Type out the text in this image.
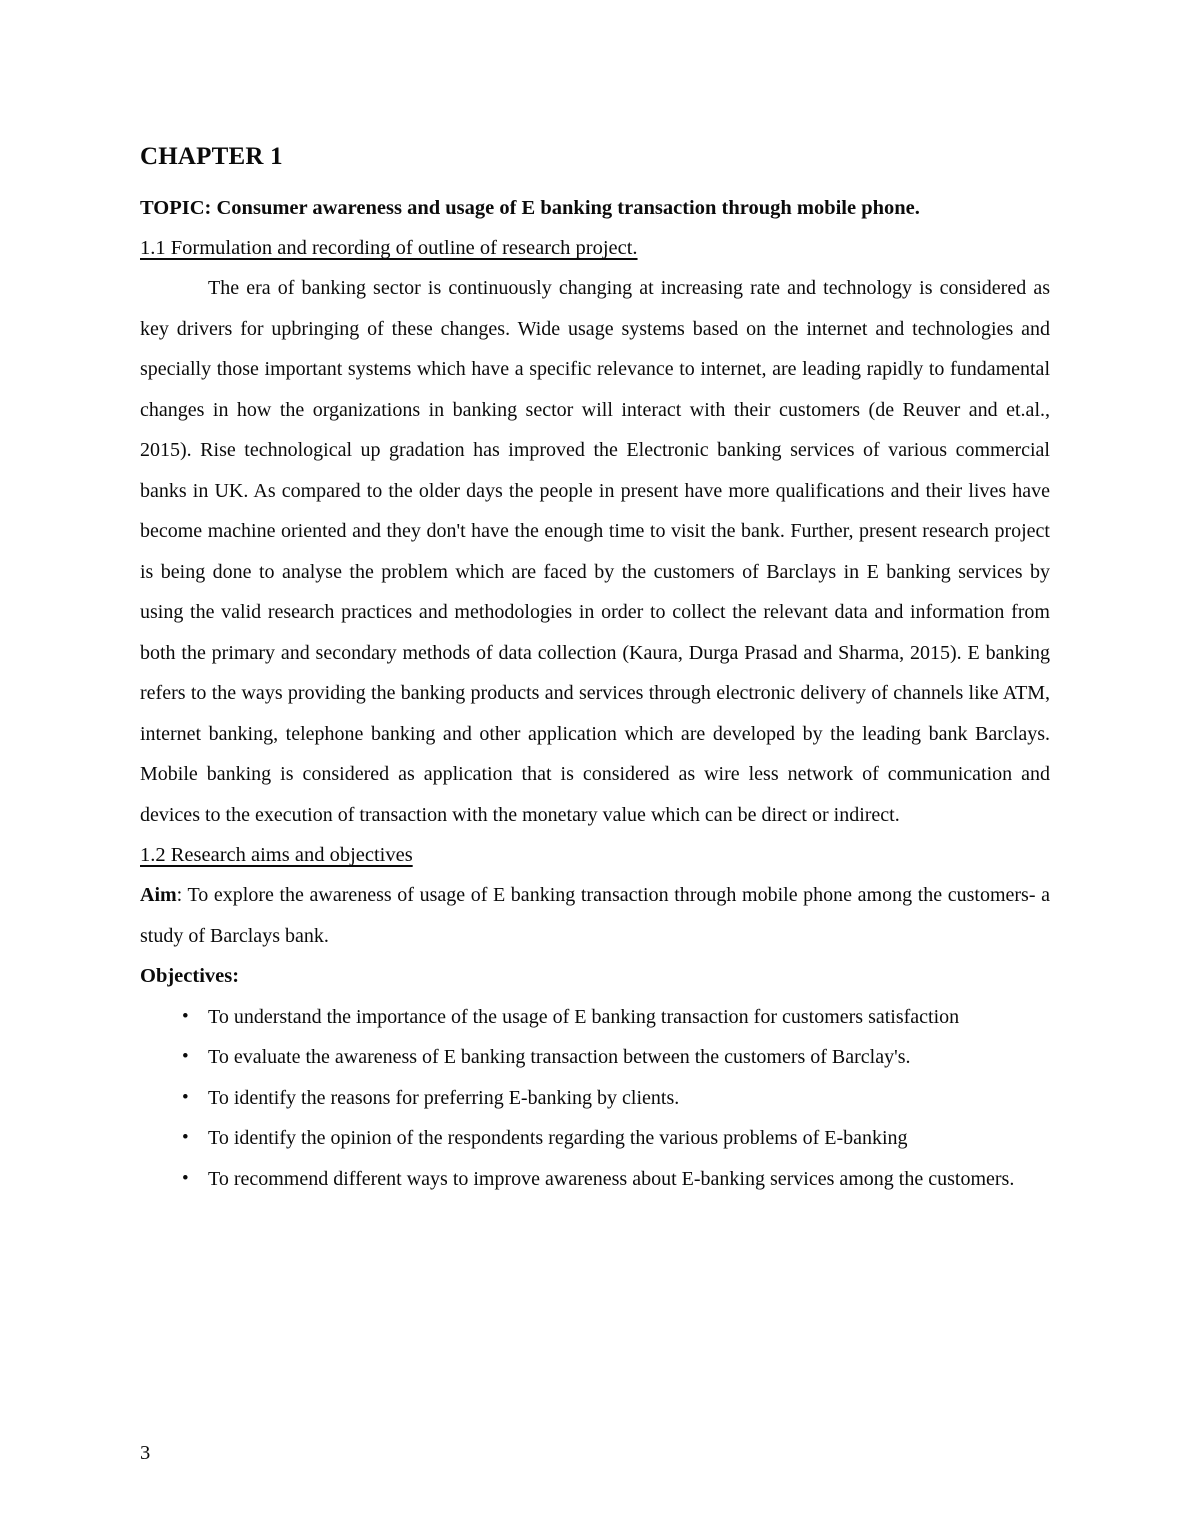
CHAPTER 1

TOPIC: Consumer awareness and usage of E banking transaction through mobile phone.

1.1 Formulation and recording of outline of research project.

The era of banking sector is continuously changing at increasing rate and technology is considered as key drivers for upbringing of these changes. Wide usage systems based on the internet and technologies and specially those important systems which have a specific relevance to internet, are leading rapidly to fundamental changes in how the organizations in banking sector will interact with their customers (de Reuver and et.al., 2015). Rise technological up gradation has improved the Electronic banking services of various commercial banks in UK. As compared to the older days the people in present have more qualifications and their lives have become machine oriented and they don't have the enough time to visit the bank. Further, present research project is being done to analyse the problem which are faced by the customers of Barclays in E banking services by using the valid research practices and methodologies in order to collect the relevant data and information from both the primary and secondary methods of data collection (Kaura, Durga Prasad and Sharma, 2015). E banking refers to the ways providing the banking products and services through electronic delivery of channels like ATM, internet banking, telephone banking and other application which are developed by the leading bank Barclays. Mobile banking is considered as application that is considered as wire less network of communication and devices to the execution of transaction with the monetary value which can be direct or indirect.

1.2 Research aims and objectives

Aim: To explore the awareness of usage of E banking transaction through mobile phone among the customers- a study of Barclays bank.

Objectives:

• To understand the importance of the usage of E banking transaction for customers satisfaction
• To evaluate the awareness of E banking transaction between the customers of Barclay's.
• To identify the reasons for preferring E-banking by clients.
• To identify the opinion of the respondents regarding the various problems of E-banking
• To recommend different ways to improve awareness about E-banking services among the customers.
3
